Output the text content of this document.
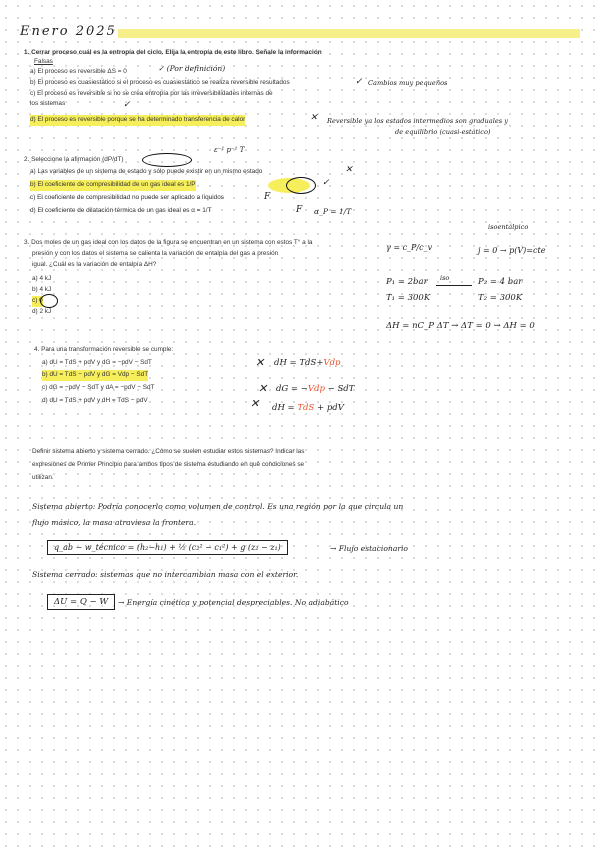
Enero 2025
1. Cerrar proceso cuál es la entropía del ciclo. Elija la entropía de este libro. Señale la información
Falsas
a) El proceso es reversible ΔS = 0
b) El proceso es cuasiestático si el proceso es cuasiestático se realiza reversible resultados
c) El proceso es reversible si no se crea entropía por las irreversibilidades internas de
los sistemas
d) El proceso es reversible porque se ha determinado transferencia de calor
✓ (Por definición)
✓ Cambios muy pequeños
✓
✕ Reversible ya los estados intermedios son graduales y
de equilibrio (cuasi-estático)
ε⁻¹ p⁻¹ T
2. Seleccione la afirmación (dP/dT)
a) Las variables de un sistema de estado y sólo puede existir en un mismo estado
b) El coeficiente de compresibilidad de un gas ideal es 1/P
c) El coeficiente de compresibilidad no puede ser aplicado a líquidos
d) El coeficiente de dilatación térmica de un gas ideal es α = 1/T
✕
✓
F
F α_P = 1/T
3. Dos moles de un gas ideal con los datos de la figura se encuentran en un sistema con estos T° a la
presión y con los datos el sistema se calienta la variación de entalpía del gas a presión
igual. ¿Cuál es la variación de entalpía ΔH?
a) 4 kJ
b) 4 kJ
c) 0
d) 2 kJ
isoentálpico
γ = c_P/c_v	j = 0 → p(V)=cte
P₁ = 2bar iso	P₂ = 4 bar
T₁ = 300K	T₂ = 300K
ΔH = nC_P ΔT → ΔT = 0 → ΔH = 0
4. Para una transformación reversible se cumple:
a) dU = TdS + pdV y dG = −pdV − SdT
b) dU = TdS − pdV y dG = Vdp − SdT
c) dG = −pdV − SdT y dA = −pdV − SdT
d) dU = TdS + pdV y dH = TdS − pdV
✕
✕
✕
dH = TdS+Vdp
dG = −Vdp − SdT
dH = TdS + pdV
Definir sistema abierto y sistema cerrado. ¿Cómo se suelen estudiar estos sistemas? Indicar las
expresiones de Primer Principio para ambos tipos de sistema estudiando en qué condiciones se
utilizan.
Sistema abierto: Podría conocerlo como volumen de control. Es una región por la que circula un
flujo másico, la masa atraviesa la frontera.
q_ab − w_técnico = (h₂−h₁) + ½ (c₂² − c₁²) + g (z₂ − z₁)	→ Flujo estacionario
Sistema cerrado: sistemas que no intercambian masa con el exterior.
ΔU = Q − W	→ Energía cinética y potencial despreciables. No adiabático
